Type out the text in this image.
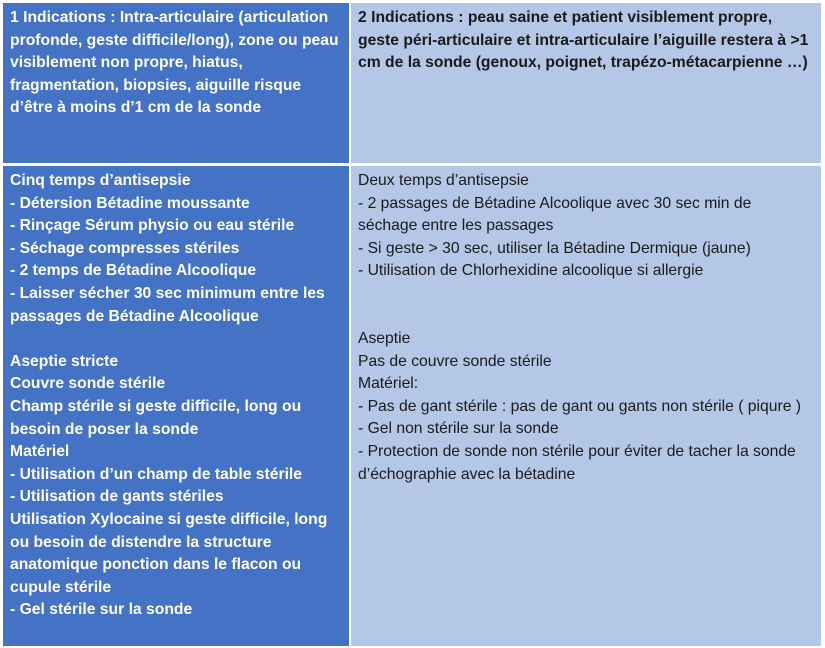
1 Indications : Intra-articulaire (articulation profonde, geste difficile/long), zone ou peau visiblement non propre, hiatus, fragmentation, biopsies, aiguille risque d’être à moins d’1 cm de la sonde
2 Indications : peau saine et patient visiblement propre, geste péri-articulaire et intra-articulaire l’aiguille restera à >1 cm de la sonde (genoux, poignet, trapézo-métacarpienne …)
Cinq temps d’antisepsie
- Détersion Bétadine moussante
- Rinçage Sérum physio ou eau stérile
- Séchage compresses stériles
- 2 temps de Bétadine Alcoolique
- Laisser sécher 30 sec minimum entre les passages de Bétadine Alcoolique
Aseptie stricte
Couvre sonde stérile
Champ stérile si geste difficile, long ou besoin de poser la sonde
Matériel
- Utilisation d’un champ de table stérile
- Utilisation de gants stériles
Utilisation Xylocaine si geste difficile, long ou besoin de distendre la structure anatomique ponction dans le flacon ou cupule stérile
- Gel stérile sur la sonde
Deux temps d’antisepsie
- 2 passages de Bétadine Alcoolique avec 30 sec min de séchage entre les passages
- Si geste > 30 sec, utiliser la Bétadine Dermique (jaune)
- Utilisation de Chlorhexidine alcoolique si allergie
Aseptie
Pas de couvre sonde stérile
Matériel:
- Pas de gant stérile : pas de gant ou gants non stérile ( piqure )
- Gel non stérile sur la sonde
- Protection de sonde non stérile pour éviter de tacher la sonde d’échographie avec la bétadine
